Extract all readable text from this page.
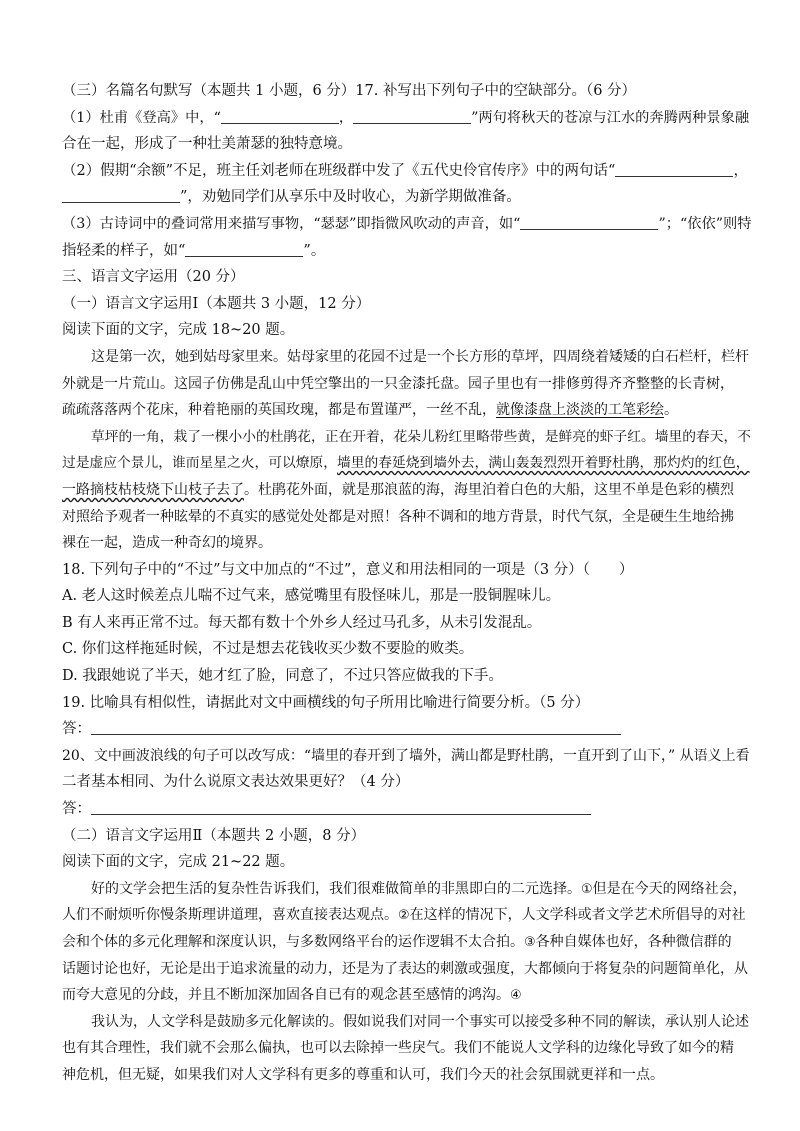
（三）名篇名句默写（本题共 1 小题，6 分）17. 补写出下列句子中的空缺部分。（6 分）
（1）杜甫《登高》中，“	，	”两句将秋天的苍凉与江水的奔腾两种景象融
合在一起，形成了一种壮美萧瑟的独特意境。
（2）假期“余额”不足，班主任刘老师在班级群中发了《五代史伶官传序》中的两句话“	，
”，劝勉同学们从享乐中及时收心，为新学期做准备。
（3）古诗词中的叠词常用来描写事物，“瑟瑟”即指微风吹动的声音，如“	”；“依依”则特
指轻柔的样子，如“	”。
三、语言文字运用（20 分）
（一）语言文字运用Ⅰ（本题共 3 小题，12 分）
阅读下面的文字，完成 18~20 题。
这是第一次，她到姑母家里来。姑母家里的花园不过是一个长方形的草坪，四周绕着矮矮的白石栏杆，栏杆
外就是一片荒山。这园子仿佛是乱山中凭空擎出的一只金漆托盘。园子里也有一排修剪得齐齐整整的长青树，
疏疏落落两个花床，种着艳丽的英国玫瑰，都是布置谨严，一丝不乱，就像漆盘上淡淡的工笔彩绘。
草坪的一角，栽了一棵小小的杜鹃花，正在开着，花朵儿粉红里略带些黄，是鲜亮的虾子红。墙里的春天，不
过是虚应个景儿，谁而星星之火，可以燎原，墙里的春延烧到墙外去，满山轰轰烈烈开着野杜鹃，那灼灼的红色，
一路摘枝枯枝烧下山枝子去了。杜鹃花外面，就是那浪蓝的海，海里泊着白色的大船，这里不单是色彩的横烈
对照给予观者一种眩晕的不真实的感觉处处都是对照！各种不调和的地方背景，时代气氛，全是硬生生地给拂
裸在一起，造成一种奇幻的境界。
18. 下列句子中的“不过”与文中加点的“不过”，意义和用法相同的一项是（3 分）（　　）
A. 老人这时候差点儿喘不过气来，感觉嘴里有股怪味儿，那是一股铜腥味儿。
B 有人来再正常不过。每天都有数十个外乡人经过马孔多，从未引发混乱。
C. 你们这样拖延时候，不过是想去花钱收买少数不要脸的败类。
D. 我跟她说了半天，她才红了脸，同意了，不过只答应做我的下手。
19. 比喻具有相似性，请据此对文中画横线的句子所用比喻进行简要分析。（5 分）
答：
20、文中画波浪线的句子可以改写成：“墙里的春开到了墙外，满山都是野杜鹃，一直开到了山下，” 从语义上看
二者基本相同、为什么说原文表达效果更好？（4 分）
答：
（二）语言文字运用Ⅱ（本题共 2 小题，8 分）
阅读下面的文字，完成 21~22 题。
好的文学会把生活的复杂性告诉我们，我们很难做简单的非黑即白的二元选择。①但是在今天的网络社会，
人们不耐烦听你慢条斯理讲道理，喜欢直接表达观点。②在这样的情况下，人文学科或者文学艺术所倡导的对社
会和个体的多元化理解和深度认识，与多数网络平台的运作逻辑不太合拍。③各种自媒体也好，各种微信群的
话题讨论也好，无论是出于追求流量的动力，还是为了表达的刺激或强度，大都倾向于将复杂的问题简单化，从
而夸大意见的分歧，并且不断加深加固各自已有的观念甚至感情的鸿沟。④
我认为，人文学科是鼓励多元化解读的。假如说我们对同一个事实可以接受多种不同的解读，承认别人论述
也有其合理性，我们就不会那么偏执，也可以去除掉一些戾气。我们不能说人文学科的边缘化导致了如今的精
神危机，但无疑，如果我们对人文学科有更多的尊重和认可，我们今天的社会氛围就更祥和一点。
